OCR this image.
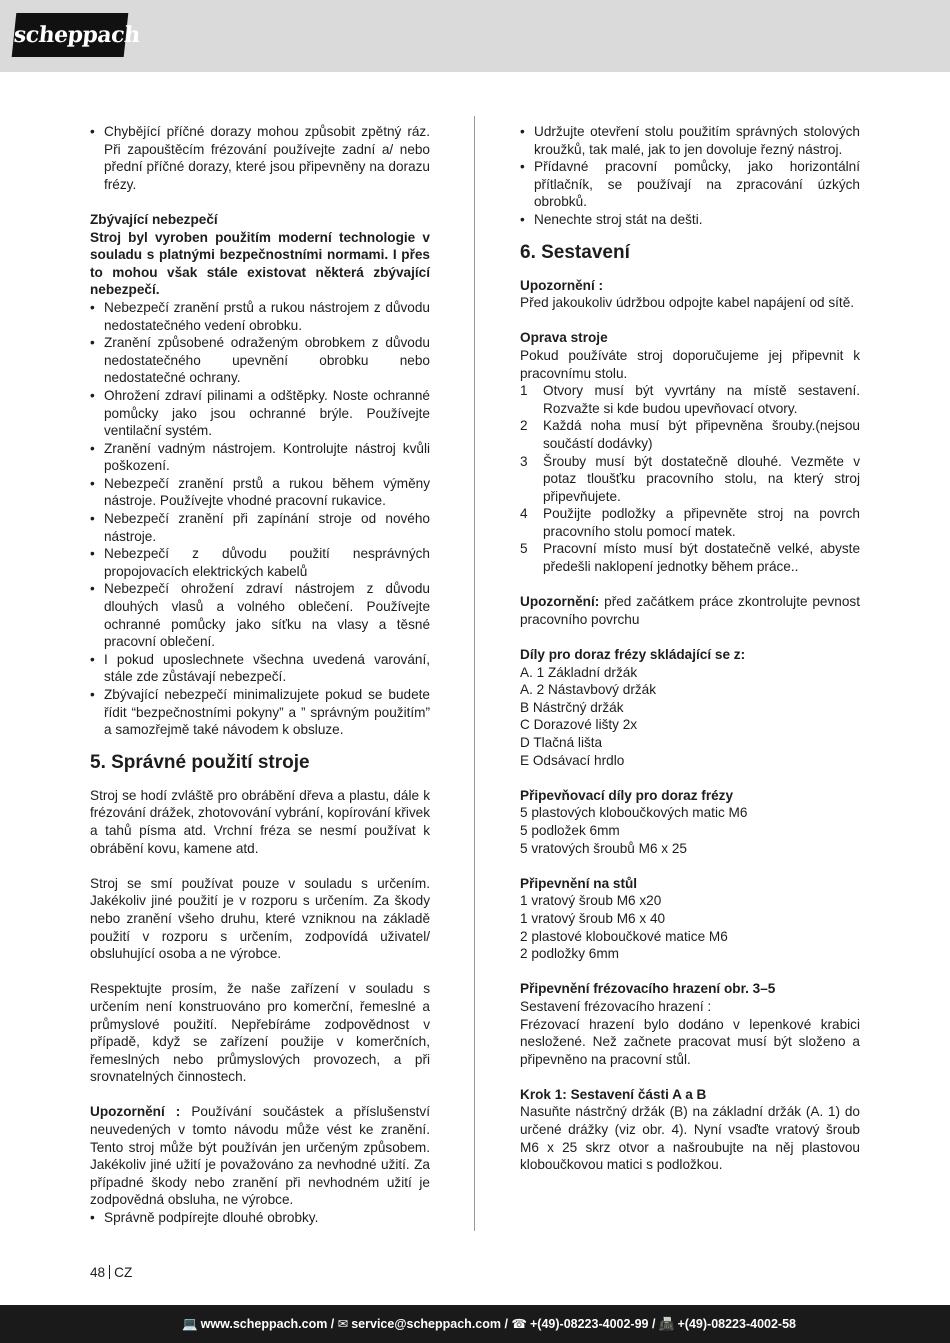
scheppach
• Chybějící příčné dorazy mohou způsobit zpětný ráz. Při zapouštěcím frézování používejte zadní a/ nebo přední příčné dorazy, které jsou připevněny na dorazu frézy.

Zbývající nebezpečí

Stroj byl vyroben použitím moderní technologie v souladu s platnými bezpečnostními normami. I přes to mohou však stále existovat některá zbývající nebezpečí.

• Nebezpečí zranění prstů a rukou nástrojem z důvodu nedostatečného vedení obrobku.
• Zranění způsobené odraženým obrobkem z důvodu nedostatečného upevnění obrobku nebo nedostatečné ochrany.
• Ohrožení zdraví pilinami a odštěpky. Noste ochranné pomůcky jako jsou ochranné brýle. Používejte ventilační systém.
• Zranění vadným nástrojem. Kontrolujte nástroj kvůli poškození.
• Nebezpečí zranění prstů a rukou během výměny nástroje. Používejte vhodné pracovní rukavice.
• Nebezpečí zranění při zapínání stroje od nového nástroje.
• Nebezpečí z důvodu použití nesprávných propojovacích elektrických kabelů
• Nebezpečí ohrožení zdraví nástrojem z důvodu dlouhých vlasů a volného oblečení. Používejte ochranné pomůcky jako síťku na vlasy a těsné pracovní oblečení.
• I pokud uposlechnete všechna uvedená varování, stále zde zůstávají nebezpečí.
• Zbývající nebezpečí minimalizujete pokud se budete řídit “bezpečnostními pokyny” a ” správným použitím” a samozřejmě také návodem k obsluze.
5. Správné použití stroje

Stroj se hodí zvláště pro obrábění dřeva a plastu, dále k frézování drážek, zhotovování vybrání, kopírování křivek a tahů písma atd. Vrchní fréza se nesmí používat k obrábění kovu, kamene atd.

Stroj se smí používat pouze v souladu s určením. Jakékoliv jiné použití je v rozporu s určením. Za škody nebo zranění všeho druhu, které vzniknou na základě použití v rozporu s určením, zodpovídá uživatel/ obsluhující osoba a ne výrobce.

Respektujte prosím, že naše zařízení v souladu s určením není konstruováno pro komerční, řemeslné a průmyslové použití. Nepřebíráme zodpovědnost v případě, když se zařízení použije v komerčních, řemeslných nebo průmyslových provozech, a při srovnatelných činnostech.

Upozornění : Používání součástek a příslušenství neuvedených v tomto návodu může vést ke zranění. Tento stroj může být používán jen určeným způsobem. Jakékoliv jiné užití je považováno za nevhodné užití. Za případné škody nebo zranění při nevhodném užití je zodpovědná obsluha, ne výrobce.

• Správně podpírejte dlouhé obrobky.
• Udržujte otevření stolu použitím správných stolových kroužků, tak malé, jak to jen dovoluje řezný nástroj.
• Přídavné pracovní pomůcky, jako horizontální přítlačník, se používají na zpracování úzkých obrobků.
• Nenechte stroj stát na dešti.
6. Sestavení

Upozornění :

Před jakoukoliv údržbou odpojte kabel napájení od sítě.

Oprava stroje

Pokud používáte stroj doporučujeme jej připevnit k pracovnímu stolu.

1	Otvory musí být vyvrtány na místě sestavení. Rozvažte si kde budou upevňovací otvory.
2	Každá noha musí být připevněna šrouby.(nejsou součástí dodávky)
3	Šrouby musí být dostatečně dlouhé. Vezměte v potaz tloušťku pracovního stolu, na který stroj připevňujete.
4	Použijte podložky a připevněte stroj na povrch pracovního stolu pomocí matek.
5	Pracovní místo musí být dostatečně velké, abyste předešli naklopení jednotky během práce..

Upozornění: před začátkem práce zkontrolujte pevnost pracovního povrchu

Díly pro doraz frézy skládající se z:

A. 1 Základní držák

A. 2 Nástavbový držák

B Nástrčný držák

C Dorazové lišty 2x

D Tlačná lišta

E Odsávací hrdlo

Připevňovací díly pro doraz frézy

5 plastových kloboučkových matic M6

5 podložek 6mm

5 vratových šroubů M6 x 25

Připevnění na stůl

1 vratový šroub M6 x20

1 vratový šroub M6 x 40

2 plastové kloboučkové matice M6

2 podložky 6mm

Připevnění frézovacího hrazení obr. 3–5

Sestavení frézovacího hrazení :

Frézovací hrazení bylo dodáno v lepenkové krabici nesložené. Než začnete pracovat musí být složeno a připevněno na pracovní stůl.

Krok 1: Sestavení části A a B

Nasuňte nástrčný držák (B) na základní držák (A. 1) do určené drážky (viz obr. 4). Nyní vsaďte vratový šroub M6 x 25 skrz otvor a našroubujte na něj plastovou kloboučkovou matici s podložkou.

48 CZ
💻 www.scheppach.com / ✉ service@scheppach.com / ☎ +(49)-08223-4002-99 / 📠 +(49)-08223-4002-58
